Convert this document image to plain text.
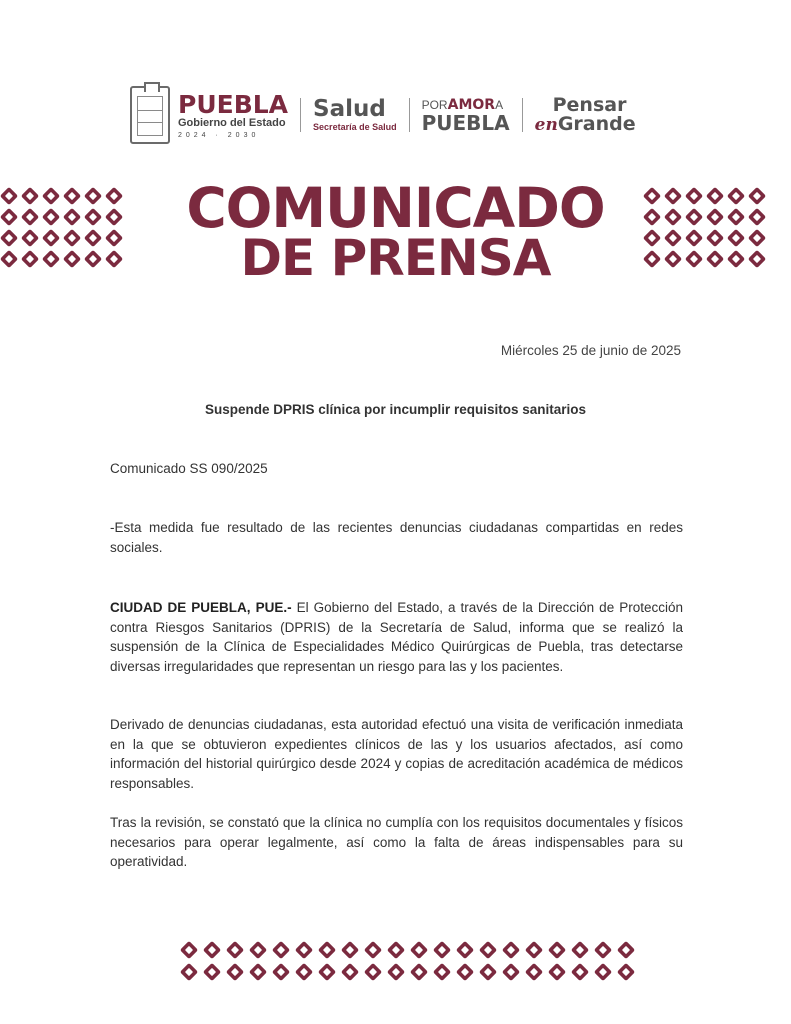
PUEBLA
Gobierno del Estado
2024 · 2030
Salud
Secretaría de Salud
PORAMORA
PUEBLA
Pensar
enGrande
COMUNICADO
DE PRENSA
Miércoles 25 de junio de 2025
Suspende DPRIS clínica por incumplir requisitos sanitarios
Comunicado SS 090/2025

-Esta medida fue resultado de las recientes denuncias ciudadanas compartidas en redes sociales.

CIUDAD DE PUEBLA, PUE.- El Gobierno del Estado, a través de la Dirección de Protección contra Riesgos Sanitarios (DPRIS) de la Secretaría de Salud, informa que se realizó la suspensión de la Clínica de Especialidades Médico Quirúrgicas de Puebla, tras detectarse diversas irregularidades que representan un riesgo para las y los pacientes.

Derivado de denuncias ciudadanas, esta autoridad efectuó una visita de verificación inmediata en la que se obtuvieron expedientes clínicos de las y los usuarios afectados, así como información del historial quirúrgico desde 2024 y copias de acreditación académica de médicos responsables.

Tras la revisión, se constató que la clínica no cumplía con los requisitos documentales y físicos necesarios para operar legalmente, así como la falta de áreas indispensables para su operatividad.
